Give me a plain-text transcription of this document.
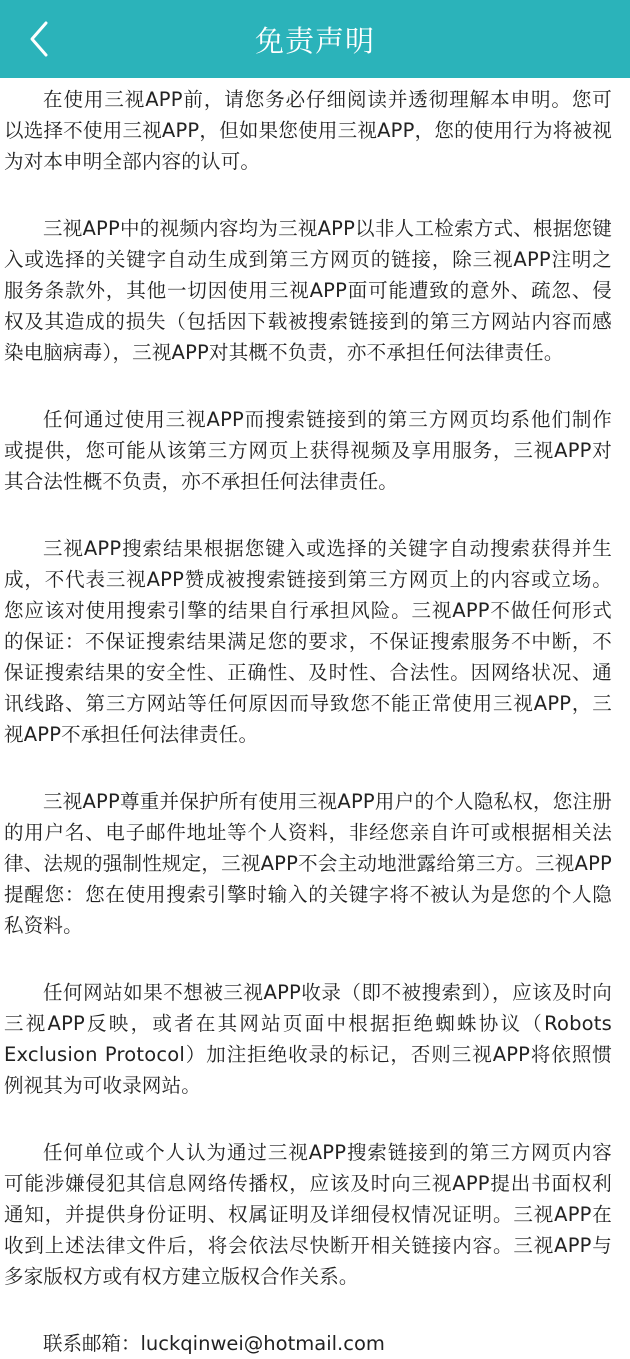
免责声明

在使用三视APP前，请您务必仔细阅读并透彻理解本申明。您可以选择不使用三视APP，但如果您使用三视APP，您的使用行为将被视为对本申明全部内容的认可。

三视APP中的视频内容均为三视APP以非人工检索方式、根据您键入或选择的关键字自动生成到第三方网页的链接，除三视APP注明之服务条款外，其他一切因使用三视APP面可能遭致的意外、疏忽、侵权及其造成的损失（包括因下载被搜索链接到的第三方网站内容而感染电脑病毒），三视APP对其概不负责，亦不承担任何法律责任。

任何通过使用三视APP而搜索链接到的第三方网页均系他们制作或提供，您可能从该第三方网页上获得视频及享用服务，三视APP对其合法性概不负责，亦不承担任何法律责任。

三视APP搜索结果根据您键入或选择的关键字自动搜索获得并生成，不代表三视APP赞成被搜索链接到第三方网页上的内容或立场。您应该对使用搜索引擎的结果自行承担风险。三视APP不做任何形式的保证：不保证搜索结果满足您的要求，不保证搜索服务不中断，不保证搜索结果的安全性、正确性、及时性、合法性。因网络状况、通讯线路、第三方网站等任何原因而导致您不能正常使用三视APP，三视APP不承担任何法律责任。

三视APP尊重并保护所有使用三视APP用户的个人隐私权，您注册的用户名、电子邮件地址等个人资料，非经您亲自许可或根据相关法律、法规的强制性规定，三视APP不会主动地泄露给第三方。三视APP提醒您：您在使用搜索引擎时输入的关键字将不被认为是您的个人隐私资料。

任何网站如果不想被三视APP收录（即不被搜索到），应该及时向三视APP反映，或者在其网站页面中根据拒绝蜘蛛协议（Robots Exclusion Protocol）加注拒绝收录的标记，否则三视APP将依照惯例视其为可收录网站。

任何单位或个人认为通过三视APP搜索链接到的第三方网页内容可能涉嫌侵犯其信息网络传播权，应该及时向三视APP提出书面权利通知，并提供身份证明、权属证明及详细侵权情况证明。三视APP在收到上述法律文件后，将会依法尽快断开相关链接内容。三视APP与多家版权方或有权方建立版权合作关系。

联系邮箱：luckqinwei@hotmail.com
